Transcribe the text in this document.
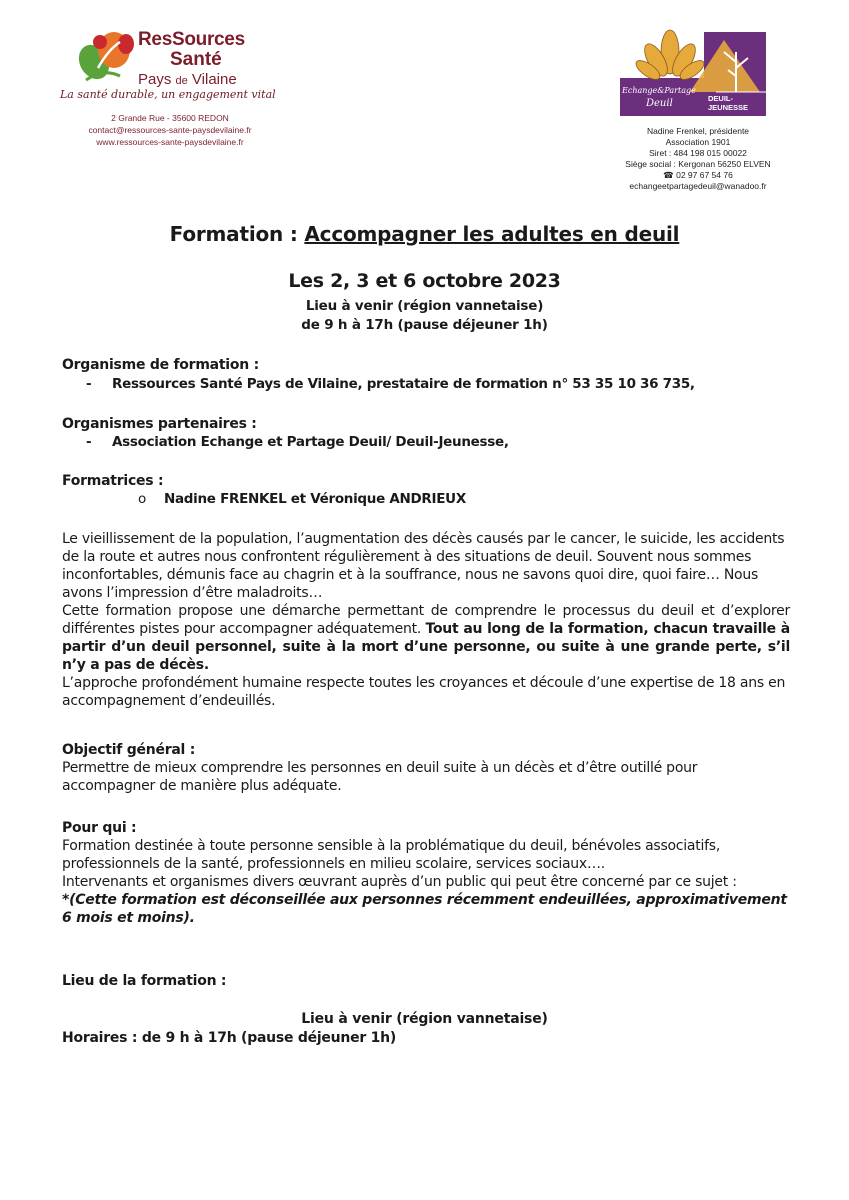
ResSources
Santé
Pays de Vilaine
La santé durable, un engagement vital
2 Grande Rue - 35600 REDON
contact@ressources-sante-paysdevilaine.fr
www.ressources-sante-paysdevilaine.fr
Echange&Partage
Deuil	DEUIL-
JEUNESSE
Nadine Frenkel, présidente
Association 1901
Siret : 484 198 015 00022
Siège social : Kergonan 56250 ELVEN
☎ 02 97 67 54 76
echangeetpartagedeuil@wanadoo.fr
Formation : Accompagner les adultes en deuil
Les 2, 3 et 6 octobre 2023
Lieu à venir (région vannetaise)
de 9 h à 17h (pause déjeuner 1h)
Organisme de formation :
- Ressources Santé Pays de Vilaine, prestataire de formation n° 53 35 10 36 735,
Organismes partenaires :
- Association Echange et Partage Deuil/ Deuil-Jeunesse,
Formatrices :
o Nadine FRENKEL et Véronique ANDRIEUX

Le vieillissement de la population, l’augmentation des décès causés par le cancer, le suicide, les accidents de la route et autres nous confrontent régulièrement à des situations de deuil. Souvent nous sommes inconfortables, démunis face au chagrin et à la souffrance, nous ne savons quoi dire, quoi faire… Nous avons l’impression d’être maladroits…

Cette formation propose une démarche permettant de comprendre le processus du deuil et d’explorer différentes pistes pour accompagner adéquatement. Tout au long de la formation, chacun travaille à partir d’un deuil personnel, suite à la mort d’une personne, ou suite à une grande perte, s’il n’y a pas de décès.

L’approche profondément humaine respecte toutes les croyances et découle d’une expertise de 18 ans en accompagnement d’endeuillés.

Objectif général :

Permettre de mieux comprendre les personnes en deuil suite à un décès et d’être outillé pour accompagner de manière plus adéquate.

Pour qui :

Formation destinée à toute personne sensible à la problématique du deuil, bénévoles associatifs, professionnels de la santé, professionnels en milieu scolaire, services sociaux….

Intervenants et organismes divers œuvrant auprès d’un public qui peut être concerné par ce sujet :

*(Cette formation est déconseillée aux personnes récemment endeuillées, approximativement 6 mois et moins).

Lieu de la formation :
Lieu à venir (région vannetaise)
Horaires : de 9 h à 17h (pause déjeuner 1h)
